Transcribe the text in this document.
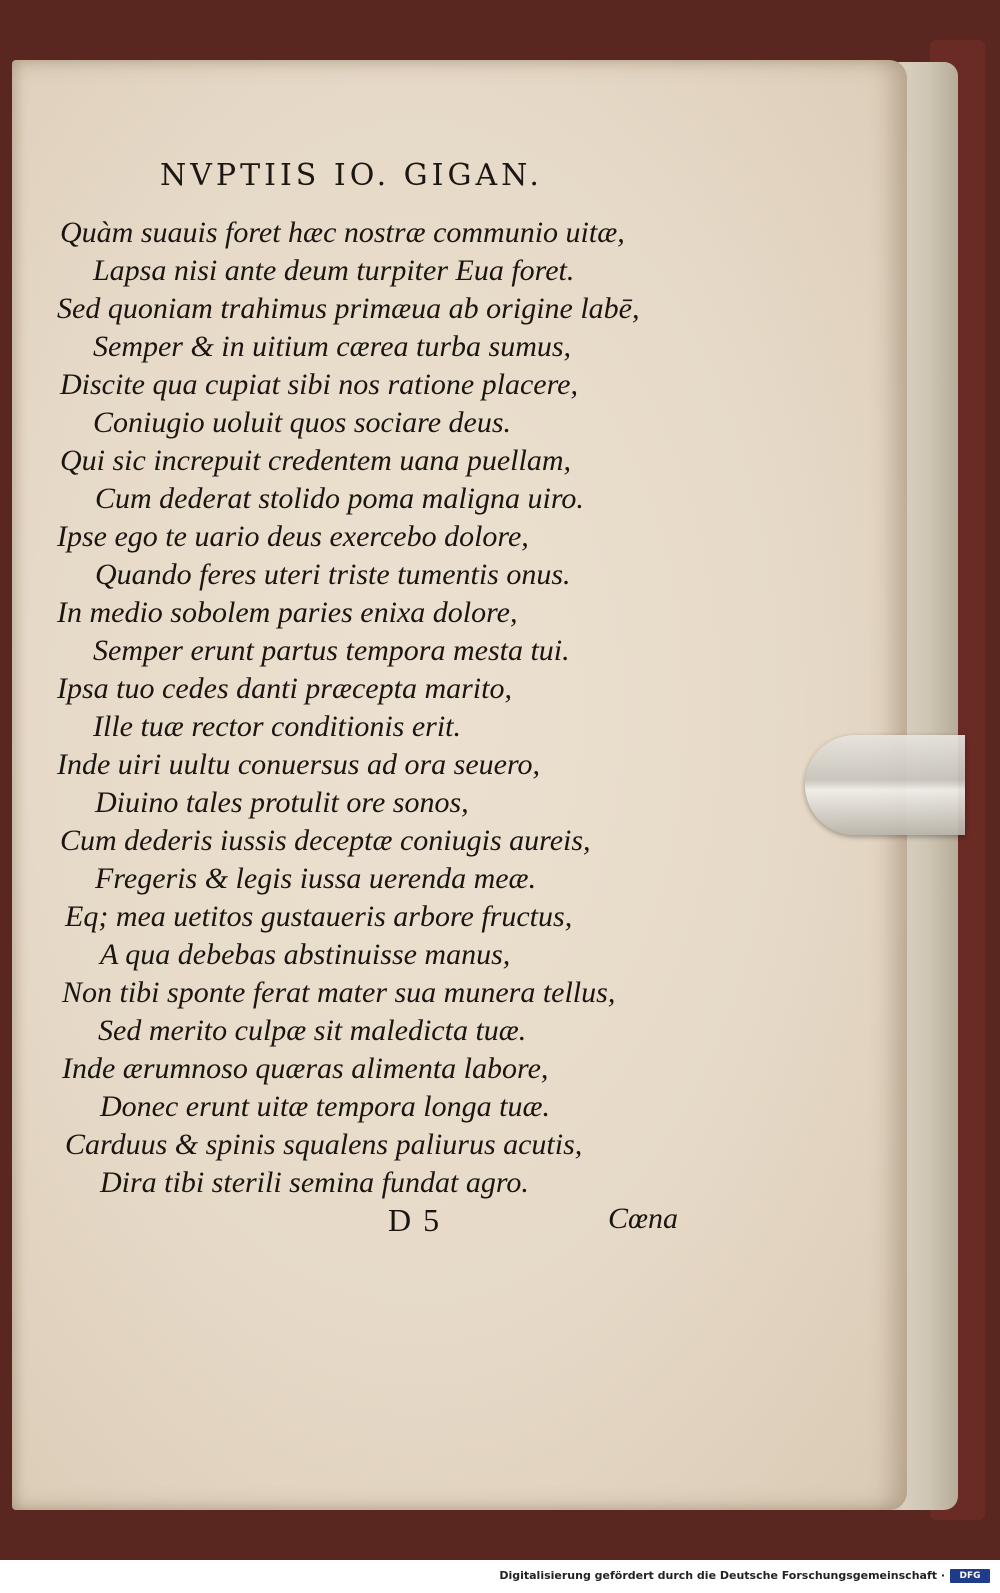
NVPTIIS IO. GIGAN.
Quàm suauis foret hæc nostræ communio uitæ,
Lapsa nisi ante deum turpiter Eua foret.
Sed quoniam trahimus primæua ab origine labē,
Semper & in uitium cærea turba sumus,
Discite qua cupiat sibi nos ratione placere,
Coniugio uoluit quos sociare deus.
Qui sic increpuit credentem uana puellam,
Cum dederat stolido poma maligna uiro.
Ipse ego te uario deus exercebo dolore,
Quando feres uteri triste tumentis onus.
In medio sobolem paries enixa dolore,
Semper erunt partus tempora mesta tui.
Ipsa tuo cedes danti præcepta marito,
Ille tuæ rector conditionis erit.
Inde uiri uultu conuersus ad ora seuero,
Diuino tales protulit ore sonos,
Cum dederis iussis deceptæ coniugis aureis,
Fregeris & legis iussa uerenda meæ.
Eq; mea uetitos gustaueris arbore fructus,
A qua debebas abstinuisse manus,
Non tibi sponte ferat mater sua munera tellus,
Sed merito culpæ sit maledicta tuæ.
Inde ærumnoso quæras alimenta labore,
Donec erunt uitæ tempora longa tuæ.
Carduus & spinis squalens paliurus acutis,
Dira tibi sterili semina fundat agro.
D 5	Cœna
Digitalisierung gefördert durch die Deutsche Forschungsgemeinschaft ·	DFG
